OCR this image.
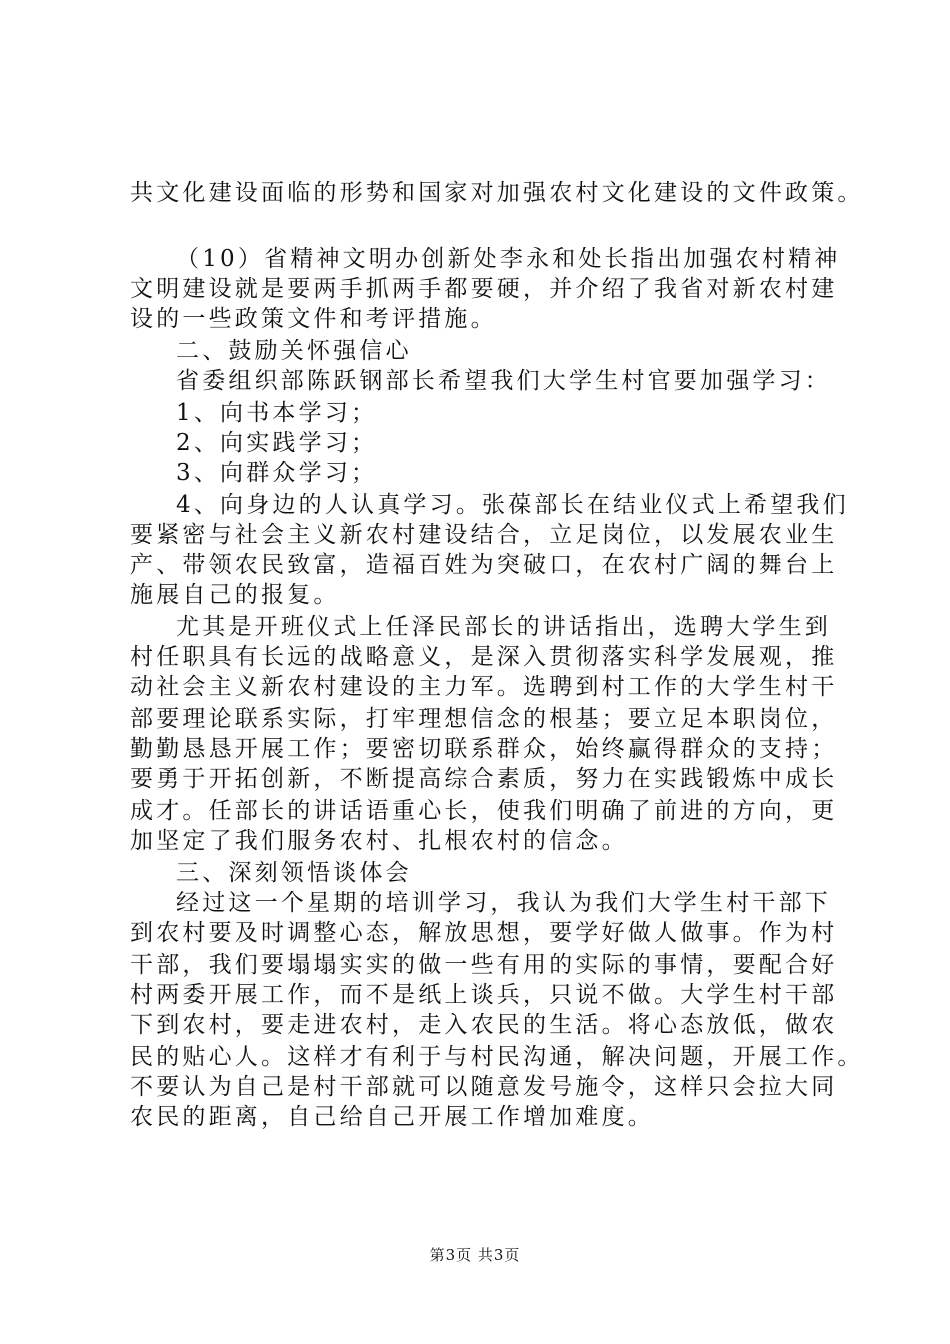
共文化建设面临的形势和国家对加强农村文化建设的文件政策。
（10）省精神文明办创新处李永和处长指出加强农村精神
文明建设就是要两手抓两手都要硬，并介绍了我省对新农村建
设的一些政策文件和考评措施。
二、鼓励关怀强信心
省委组织部陈跃钢部长希望我们大学生村官要加强学习：
1、向书本学习；
2、向实践学习；
3、向群众学习；
4、向身边的人认真学习。张葆部长在结业仪式上希望我们
要紧密与社会主义新农村建设结合，立足岗位，以发展农业生
产、带领农民致富，造福百姓为突破口，在农村广阔的舞台上
施展自己的报复。
尤其是开班仪式上任泽民部长的讲话指出，选聘大学生到
村任职具有长远的战略意义，是深入贯彻落实科学发展观，推
动社会主义新农村建设的主力军。选聘到村工作的大学生村干
部要理论联系实际，打牢理想信念的根基；要立足本职岗位，
勤勤恳恳开展工作；要密切联系群众，始终赢得群众的支持；
要勇于开拓创新，不断提高综合素质，努力在实践锻炼中成长
成才。任部长的讲话语重心长，使我们明确了前进的方向，更
加坚定了我们服务农村、扎根农村的信念。
三、深刻领悟谈体会
经过这一个星期的培训学习，我认为我们大学生村干部下
到农村要及时调整心态，解放思想，要学好做人做事。作为村
干部，我们要塌塌实实的做一些有用的实际的事情，要配合好
村两委开展工作，而不是纸上谈兵，只说不做。大学生村干部
下到农村，要走进农村，走入农民的生活。将心态放低，做农
民的贴心人。这样才有利于与村民沟通，解决问题，开展工作。
不要认为自己是村干部就可以随意发号施令，这样只会拉大同
农民的距离，自己给自己开展工作增加难度。
第3页 共3页
